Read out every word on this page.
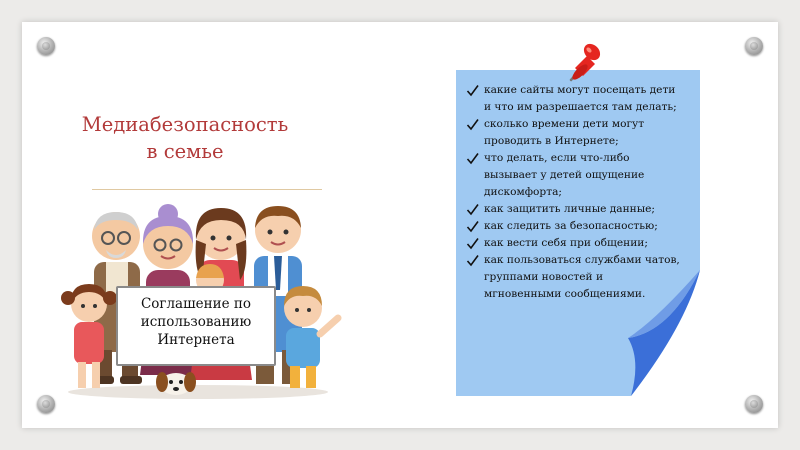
Медиабезопасность
в семье
Соглашение по
использованию
Интернета
какие сайты могут посещать дети
и что им разрешается там делать;
сколько времени дети могут
проводить в Интернете;
что делать, если что-либо
вызывает у детей ощущение
дискомфорта;
как защитить личные данные;
как следить за безопасностью;
как вести себя при общении;
как пользоваться службами чатов,
группами новостей и
мгновенными сообщениями.
